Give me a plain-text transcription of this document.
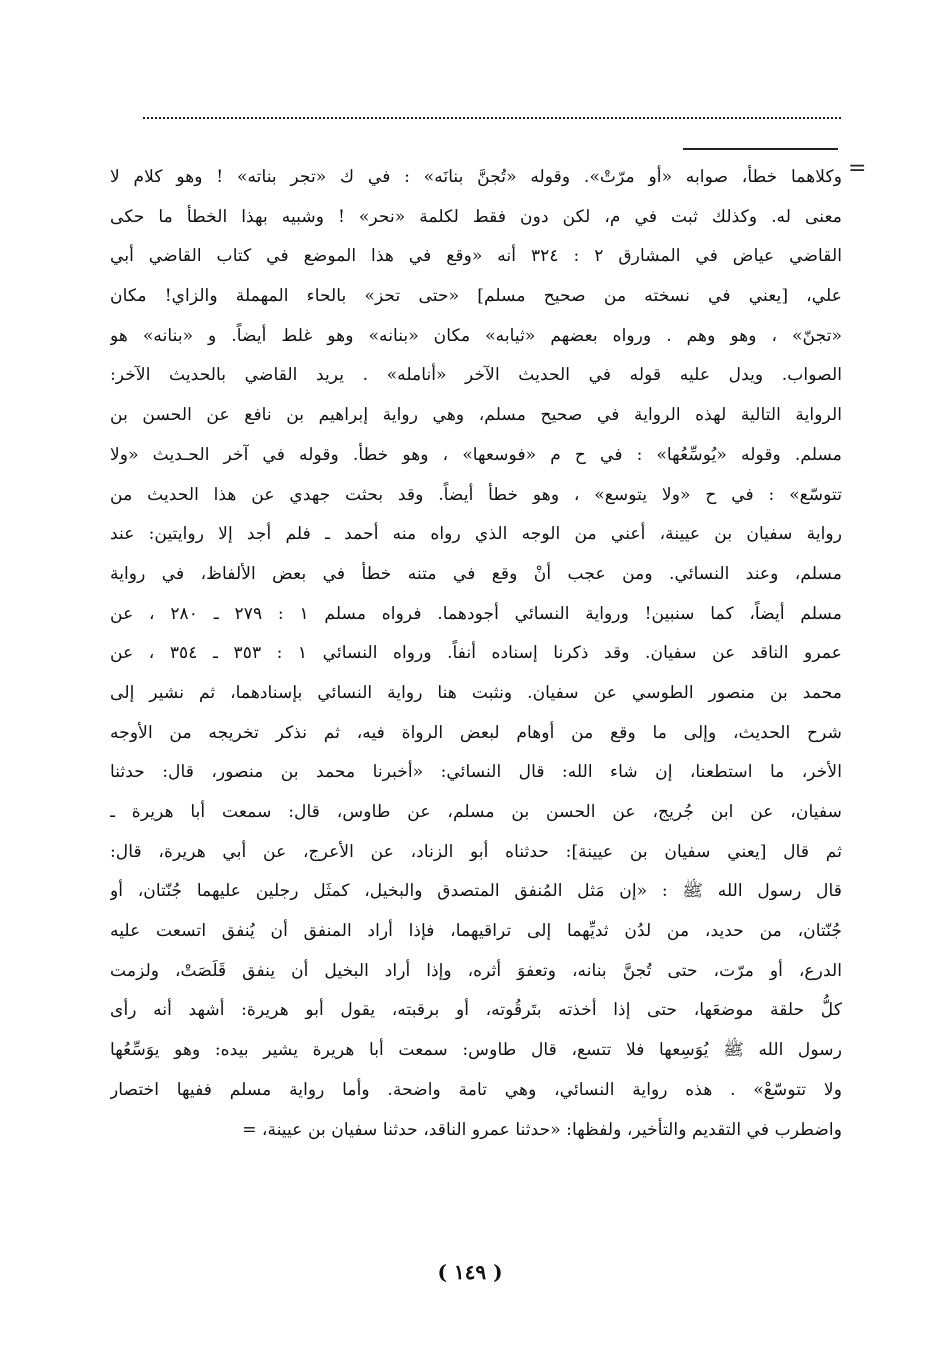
=
وكلاهما خطأ، صوابه «أو مرّتْ». وقوله «تُجنَّ بنانَه» : في ك «تجر بناته» ! وهو كلام لا
معنى له. وكذلك ثبت في م، لكن دون فقط لكلمة «نحر» ! وشبيه بهذا الخطأ ما حكى
القاضي عياض في المشارق ٢ : ٣٢٤ أنه «وقع في هذا الموضع في كتاب القاضي أبي
علي، [يعني في نسخته من صحيح مسلم] «حتى تحز» بالحاء المهملة والزاي! مكان
«تجنّ» ، وهو وهم . ورواه بعضهم «ثيابه» مكان «بنانه» وهو غلط أيضاً. و «بنانه» هو
الصواب. ويدل عليه قوله في الحديث الآخر «أنامله» . يريد القاضي بالحديث الآخر:
الرواية التالية لهذه الرواية في صحيح مسلم، وهي رواية إبراهيم بن نافع عن الحسن بن
مسلم. وقوله «يُوسِّعُها» : في ح م «فوسعها» ، وهو خطأ. وقوله في آخر الحـديث «ولا
تتوسّع» : في ح «ولا يتوسع» ، وهو خطأ أيضاً. وقد بحثت جهدي عن هذا الحديث من
رواية سفيان بن عيينة، أعني من الوجه الذي رواه منه أحمد ـ فلم أجد إلا روايتين: عند
مسلم، وعند النسائي. ومن عجب أنْ وقع في متنه خطأ في بعض الألفاظ، في رواية
مسلم أيضاً، كما سنبين! ورواية النسائي أجودهما. فرواه مسلم ١ : ٢٧٩ ـ ٢٨٠ ، عن
عمرو الناقد عن سفيان. وقد ذكرنا إسناده أنفاً. ورواه النسائي ١ : ٣٥٣ ـ ٣٥٤ ، عن
محمد بن منصور الطوسي عن سفيان. ونثبت هنا رواية النسائي بإسنادهما، ثم نشير إلى
شرح الحديث، وإلى ما وقع من أوهام لبعض الرواة فيه، ثم نذكر تخريجه من الأوجه
الأخر، ما استطعنا، إن شاء الله: قال النسائي: «أخبرنا محمد بن منصور، قال: حدثنا
سفيان، عن ابن جُريج، عن الحسن بن مسلم، عن طاوس، قال: سمعت أبا هريرة ـ
ثم قال [يعني سفيان بن عيينة]: حدثناه أبو الزناد، عن الأعرج، عن أبي هريرة، قال:
قال رسول الله ﷺ : «إن مَثل المُنفق المتصدق والبخيل، كمثَل رجلين عليهما جُنّتان، أو
جُنّتان، من حديد، من لدُن ثديِّهما إلى تراقيهما، فإذا أراد المنفق أن يُنفق اتسعت عليه
الدرع، أو مرّت، حتى تُجنَّ بنانه، وتعفوَ أثره، وإذا أراد البخيل أن ينفق قَلَصَتْ، ولزمت
كلُّ حلقة موضعَها، حتى إذا أخذته بتَرقُوته، أو برقبته، يقول أبو هريرة: أشهد أنه رأى
رسول الله ﷺ يُوَسِعها فلا تتسع، قال طاوس: سمعت أبا هريرة يشير بيده: وهو يوَسِّعُها
ولا تتوسّعْ» . هذه رواية النسائي، وهي تامة واضحة. وأما رواية مسلم ففيها اختصار
واضطرب في التقديم والتأخير، ولفظها: «حدثنا عمرو الناقد، حدثنا سفيان بن عيينة، =
( ١٤٩ )
